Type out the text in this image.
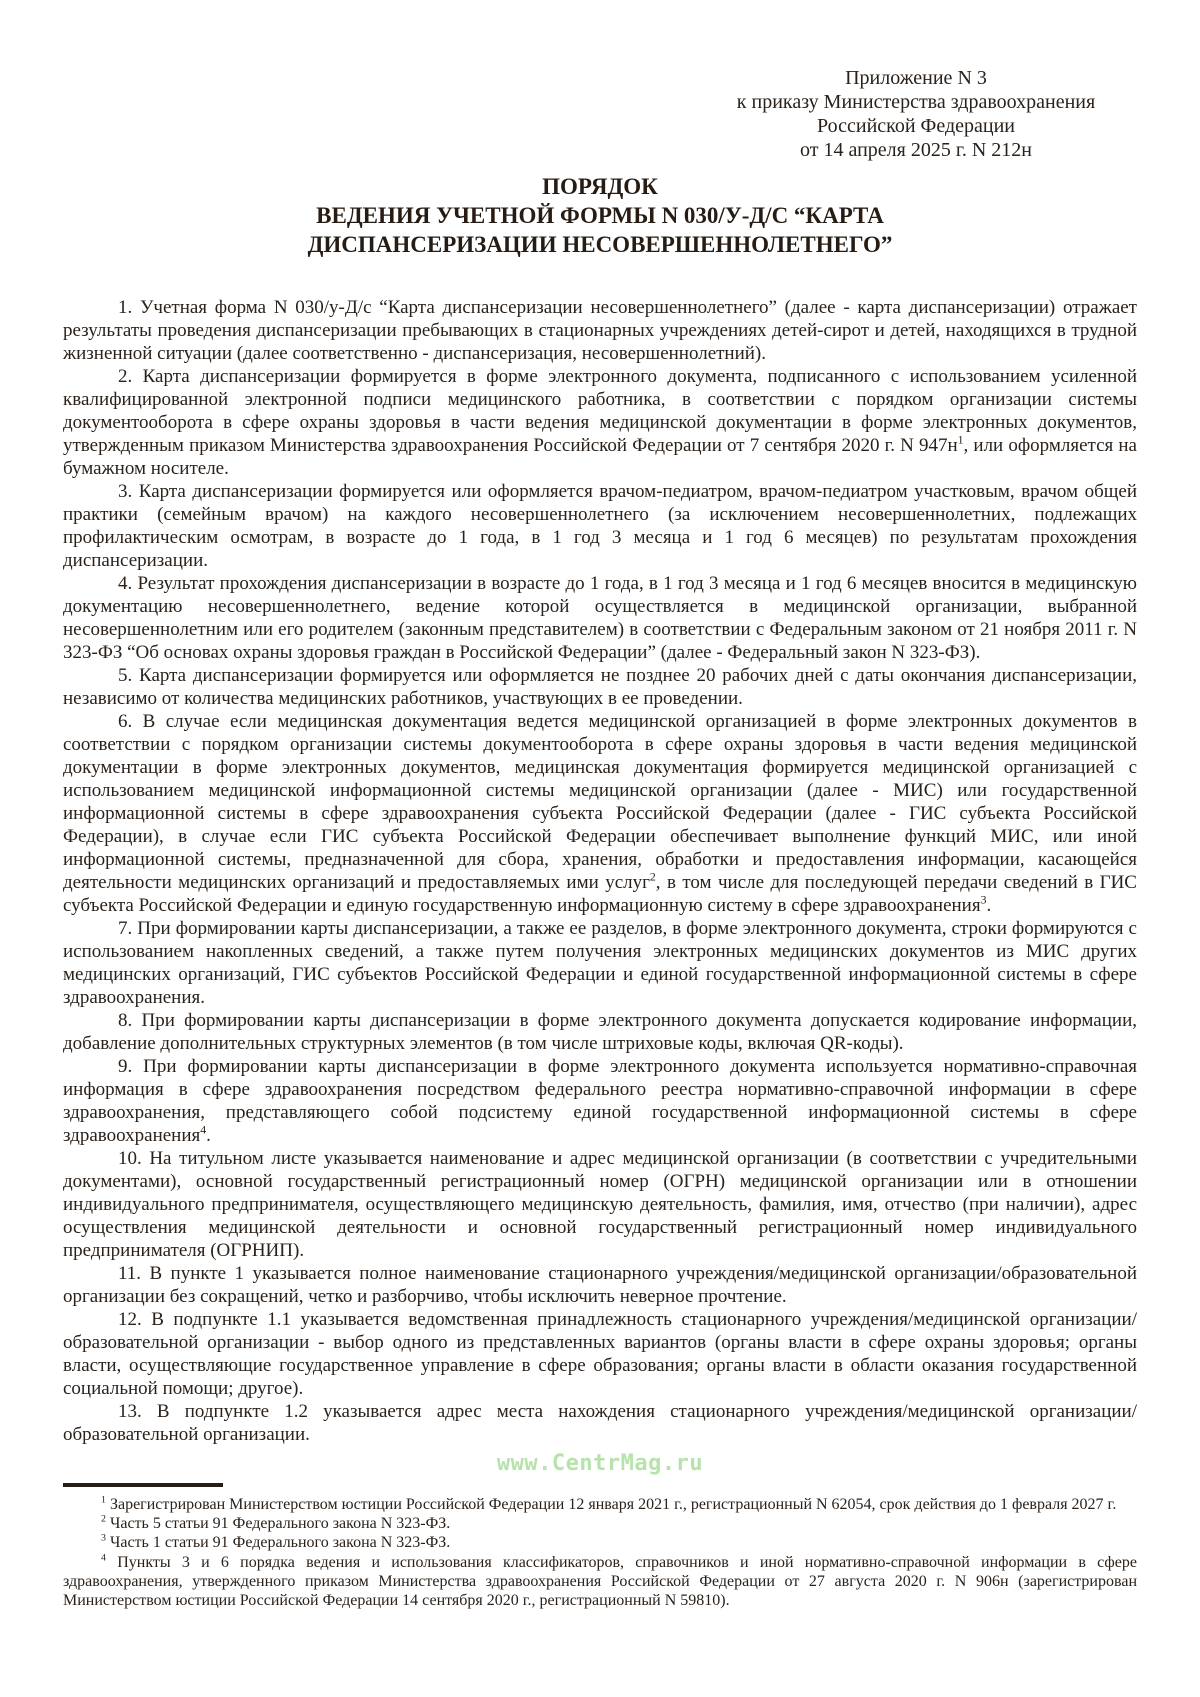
Приложение N 3
к приказу Министерства здравоохранения
Российской Федерации
от 14 апреля 2025 г. N 212н
ПОРЯДОК
ВЕДЕНИЯ УЧЕТНОЙ ФОРМЫ N 030/У-Д/С “КАРТА
ДИСПАНСЕРИЗАЦИИ НЕСОВЕРШЕННОЛЕТНЕГО”

1. Учетная форма N 030/у-Д/с “Карта диспансеризации несовершеннолетнего” (далее - карта диспансеризации) отражает результаты проведения диспансеризации пребывающих в стационарных учреждениях детей-сирот и детей, находящихся в трудной жизненной ситуации (далее соответственно - диспансеризация, несовершеннолетний).

2. Карта диспансеризации формируется в форме электронного документа, подписанного с использованием усиленной квалифицированной электронной подписи медицинского работника, в соответствии с порядком организации системы документооборота в сфере охраны здоровья в части ведения медицинской документации в форме электронных документов, утвержденным приказом Министерства здравоохранения Российской Федерации от 7 сентября 2020 г. N $947н^1$, или оформляется на бумажном носителе.

3. Карта диспансеризации формируется или оформляется врачом-педиатром, врачом-педиатром участковым, врачом общей практики (семейным врачом) на каждого несовершеннолетнего (за исключением несовершеннолетних, подлежащих профилактическим осмотрам, в возрасте до 1 года, в 1 год 3 месяца и 1 год 6 месяцев) по результатам прохождения диспансеризации.

4. Результат прохождения диспансеризации в возрасте до 1 года, в 1 год 3 месяца и 1 год 6 месяцев вносится в медицинскую документацию несовершеннолетнего, ведение которой осуществляется в медицинской организации, выбранной несовершеннолетним или его родителем (законным представителем) в соответствии с Федеральным законом от 21 ноября 2011 г. N 323-ФЗ “Об основах охраны здоровья граждан в Российской Федерации” (далее - Федеральный закон N 323-ФЗ).

5. Карта диспансеризации формируется или оформляется не позднее 20 рабочих дней с даты окончания диспансеризации, независимо от количества медицинских работников, участвующих в ее проведении.

6. В случае если медицинская документация ведется медицинской организацией в форме электронных документов в соответствии с порядком организации системы документооборота в сфере охраны здоровья в части ведения медицинской документации в форме электронных документов, медицинская документация формируется медицинской организацией с использованием медицинской информационной системы медицинской организации (далее - МИС) или государственной информационной системы в сфере здравоохранения субъекта Российской Федерации (далее - ГИС субъекта Российской Федерации), в случае если ГИС субъекта Российской Федерации обеспечивает выполнение функций МИС, или иной информационной системы, предназначенной для сбора, хранения, обработки и предоставления информации, касающейся деятельности медицинских организаций и предоставляемых ими услуг$^2$, в том числе для последующей передачи сведений в ГИС субъекта Российской Федерации и единую государственную информационную систему в сфере здравоохранения$^3$.

7. При формировании карты диспансеризации, а также ее разделов, в форме электронного документа, строки формируются с использованием накопленных сведений, а также путем получения электронных медицинских документов из МИС других медицинских организаций, ГИС субъектов Российской Федерации и единой государственной информационной системы в сфере здравоохранения.

8. При формировании карты диспансеризации в форме электронного документа допускается кодирование информации, добавление дополнительных структурных элементов (в том числе штриховые коды, включая QR-коды).

9. При формировании карты диспансеризации в форме электронного документа используется нормативно-справочная информация в сфере здравоохранения посредством федерального реестра нормативно-справочной информации в сфере здравоохранения, представляющего собой подсистему единой государственной информационной системы в сфере здравоохранения$^4$.

10. На титульном листе указывается наименование и адрес медицинской организации (в соответствии с учредительными документами), основной государственный регистрационный номер (ОГРН) медицинской организации или в отношении индивидуального предпринимателя, осуществляющего медицинскую деятельность, фамилия, имя, отчество (при наличии), адрес осуществления медицинской деятельности и основной государственный регистрационный номер индивидуального предпринимателя (ОГРНИП).

11. В пункте 1 указывается полное наименование стационарного учреждения/медицинской организации/образовательной организации без сокращений, четко и разборчиво, чтобы исключить неверное прочтение.

12. В подпункте 1.1 указывается ведомственная принадлежность стационарного учреждения/медицинской организации/образовательной организации - выбор одного из представленных вариантов (органы власти в сфере охраны здоровья; органы власти, осуществляющие государственное управление в сфере образования; органы власти в области оказания государственной социальной помощи; другое).

13. В подпункте 1.2 указывается адрес места нахождения стационарного учреждения/медицинской организации/образовательной организации.

www.CentrMag.ru

$^1$ Зарегистрирован Министерством юстиции Российской Федерации 12 января 2021 г., регистрационный N 62054, срок действия до 1 февраля 2027 г.

$^2$ Часть 5 статьи 91 Федерального закона N 323-ФЗ.

$^3$ Часть 1 статьи 91 Федерального закона N 323-ФЗ.

$^4$ Пункты 3 и 6 порядка ведения и использования классификаторов, справочников и иной нормативно-справочной информации в сфере здравоохранения, утвержденного приказом Министерства здравоохранения Российской Федерации от 27 августа 2020 г. N 906н (зарегистрирован Министерством юстиции Российской Федерации 14 сентября 2020 г., регистрационный N 59810).
